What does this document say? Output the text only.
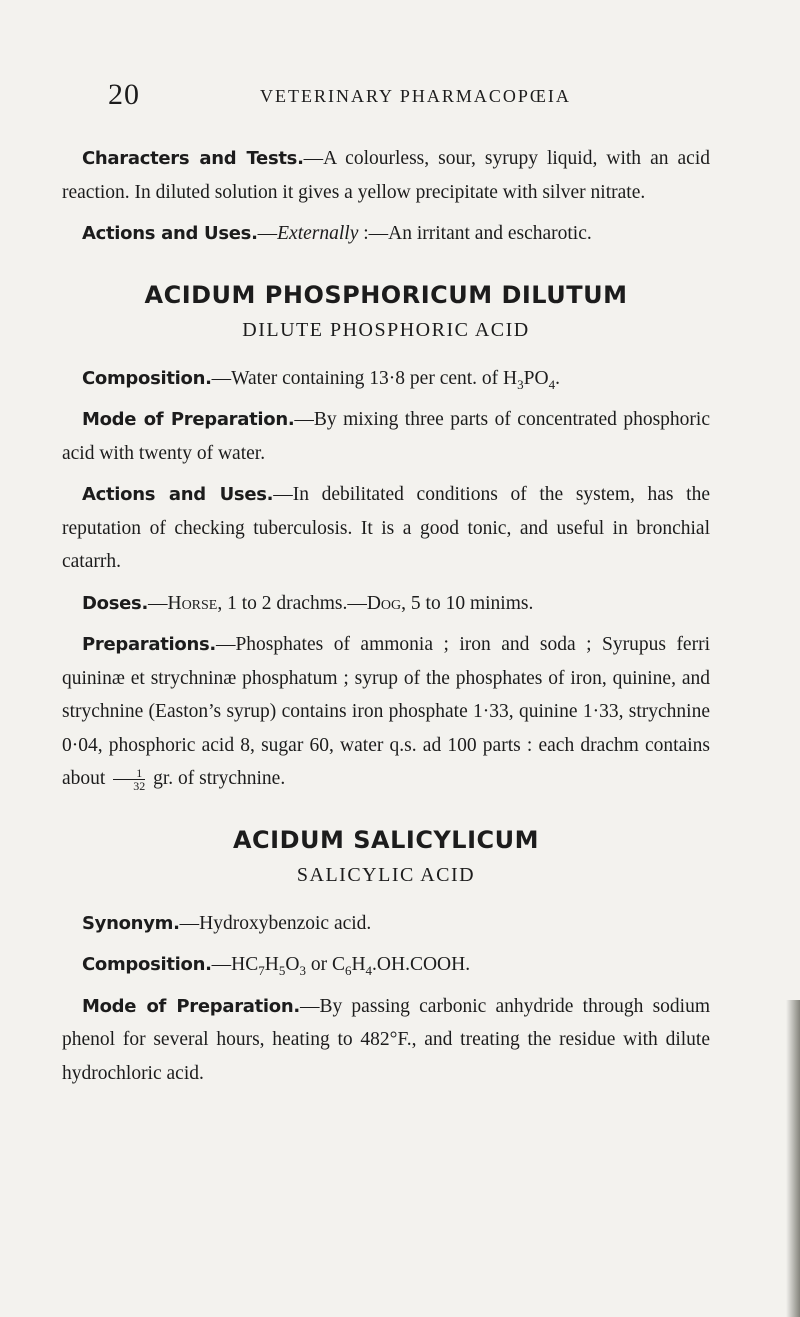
20	VETERINARY PHARMACOPŒIA

Characters and Tests.—A colourless, sour, syrupy liquid, with an acid reaction. In diluted solution it gives a yellow precipitate with silver nitrate.

Actions and Uses.—Externally :—An irritant and escharotic.

ACIDUM PHOSPHORICUM DILUTUM
DILUTE PHOSPHORIC ACID

Composition.—Water containing 13·8 per cent. of $H_3PO_4$.

Mode of Preparation.—By mixing three parts of concentrated phosphoric acid with twenty of water.

Actions and Uses.—In debilitated conditions of the system, has the reputation of checking tuberculosis. It is a good tonic, and useful in bronchial catarrh.

Doses.—Horse, 1 to 2 drachms.—Dog, 5 to 10 minims.

Preparations.—Phosphates of ammonia ; iron and soda ; Syrupus ferri quininæ et strychninæ phosphatum ; syrup of the phosphates of iron, quinine, and strychnine (Easton’s syrup) contains iron phosphate 1·33, quinine 1·33, strychnine 0·04, phosphoric acid 8, sugar 60, water q.s. ad 100 parts : each drachm contains about $\frac{1}{32}$ gr. of strychnine.

ACIDUM SALICYLICUM
SALICYLIC ACID

Synonym.—Hydroxybenzoic acid.

$Composition.—HC_7H_5O_3$ or $C_6H_4.OH.COOH$.

Mode of Preparation.—By passing carbonic anhydride through sodium phenol for several hours, heating to 482°F., and treating the residue with dilute hydrochloric acid.
